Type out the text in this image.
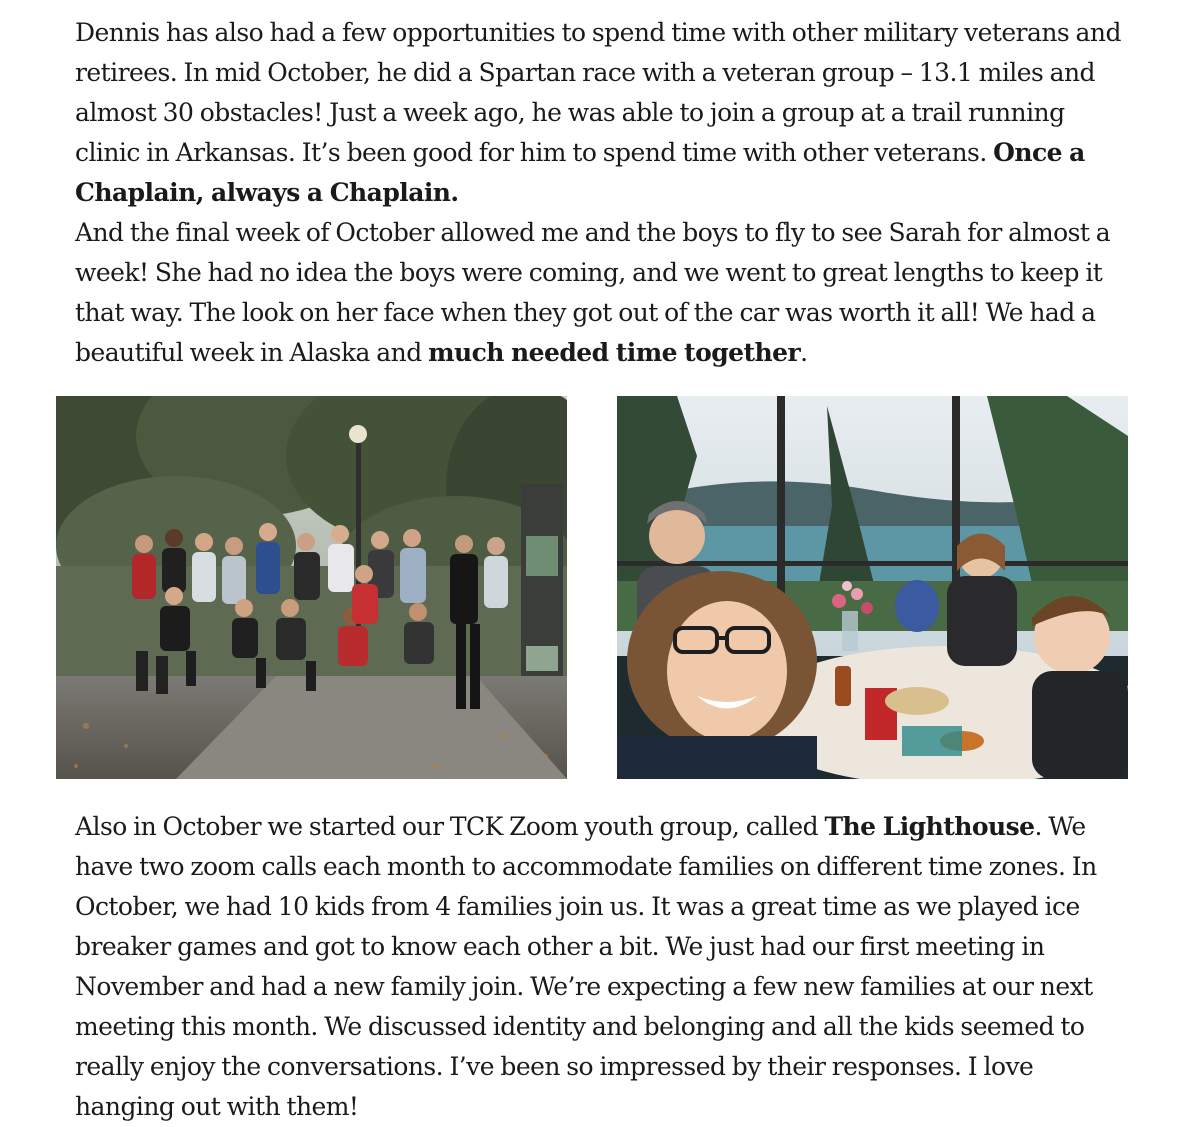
Dennis has also had a few opportunities to spend time with other military veterans and retirees. In mid October, he did a Spartan race with a veteran group – 13.1 miles and almost 30 obstacles! Just a week ago, he was able to join a group at a trail running clinic in Arkansas. It’s been good for him to spend time with other veterans. Once a Chaplain, always a Chaplain.

And the final week of October allowed me and the boys to fly to see Sarah for almost a week! She had no idea the boys were coming, and we went to great lengths to keep it that way. The look on her face when they got out of the car was worth it all! We had a beautiful week in Alaska and much needed time together.

Also in October we started our TCK Zoom youth group, called The Lighthouse. We have two zoom calls each month to accommodate families on different time zones. In October, we had 10 kids from 4 families join us. It was a great time as we played ice breaker games and got to know each other a bit. We just had our first meeting in November and had a new family join. We’re expecting a few new families at our next meeting this month. We discussed identity and belonging and all the kids seemed to really enjoy the conversations. I’ve been so impressed by their responses. I love hanging out with them!
